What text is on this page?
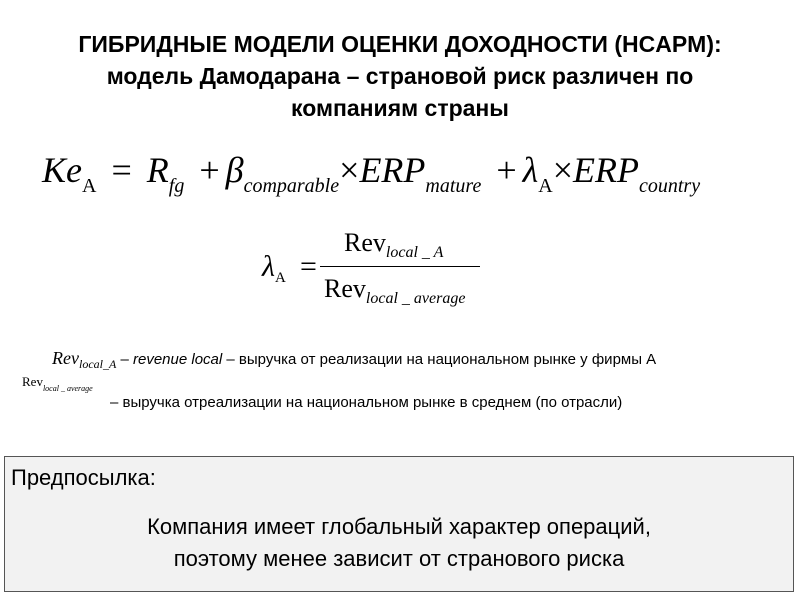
ГИБРИДНЫЕ МОДЕЛИ ОЦЕНКИ ДОХОДНОСТИ (HCAPM):
модель Дамодарана – страновой риск различен по
компаниям страны
$Ke_A = R_{fg} + \beta_{comparable}\times ERP_{mature} + \lambda_A\times ERP_{country}$
$\lambda_A$ =
Rev$_{local \_ A}$
Rev$_{local \_ average}$
Rev$_{local\_A}$ – revenue local – выручка от реализации на национальном рынке у фирмы А
Rev$_{local \_ average}$
– выручка отреализации на национальном рынке в среднем (по отрасли)
Предпосылка:
Компания имеет глобальный характер операций,
поэтому менее зависит от странового риска
